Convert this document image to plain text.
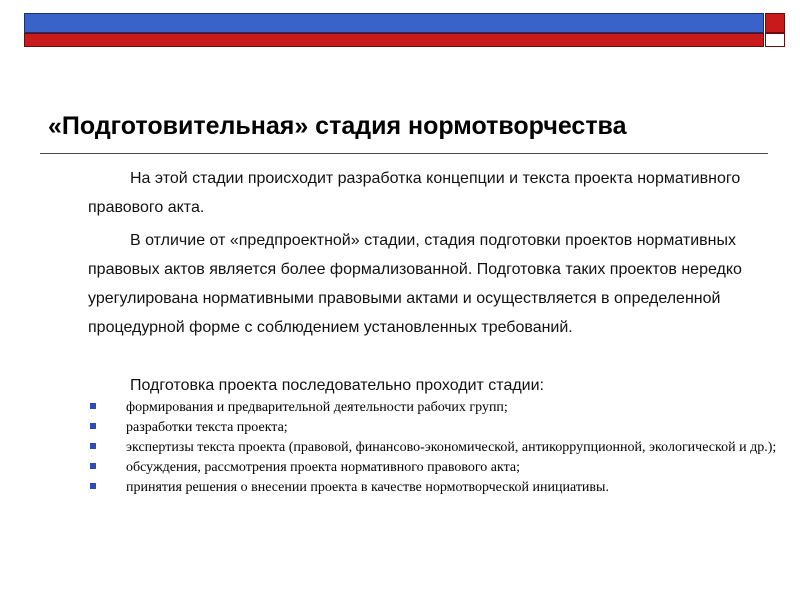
«Подготовительная» стадия нормотворчества
На этой стадии происходит разработка концепции и текста проекта нормативного правового акта.
В отличие от «предпроектной» стадии, стадия подготовки проектов нормативных правовых актов является более формализованной. Подготовка таких проектов нередко урегулирована нормативными правовыми актами и осуществляется в определенной процедурной форме с соблюдением установленных требований.
Подготовка проекта последовательно проходит стадии:
формирования и предварительной деятельности рабочих групп;
разработки текста проекта;
экспертизы текста проекта (правовой, финансово-экономической, антикоррупционной, экологической и др.);
обсуждения, рассмотрения проекта нормативного правового акта;
принятия решения о внесении проекта в качестве нормотворческой инициативы.
